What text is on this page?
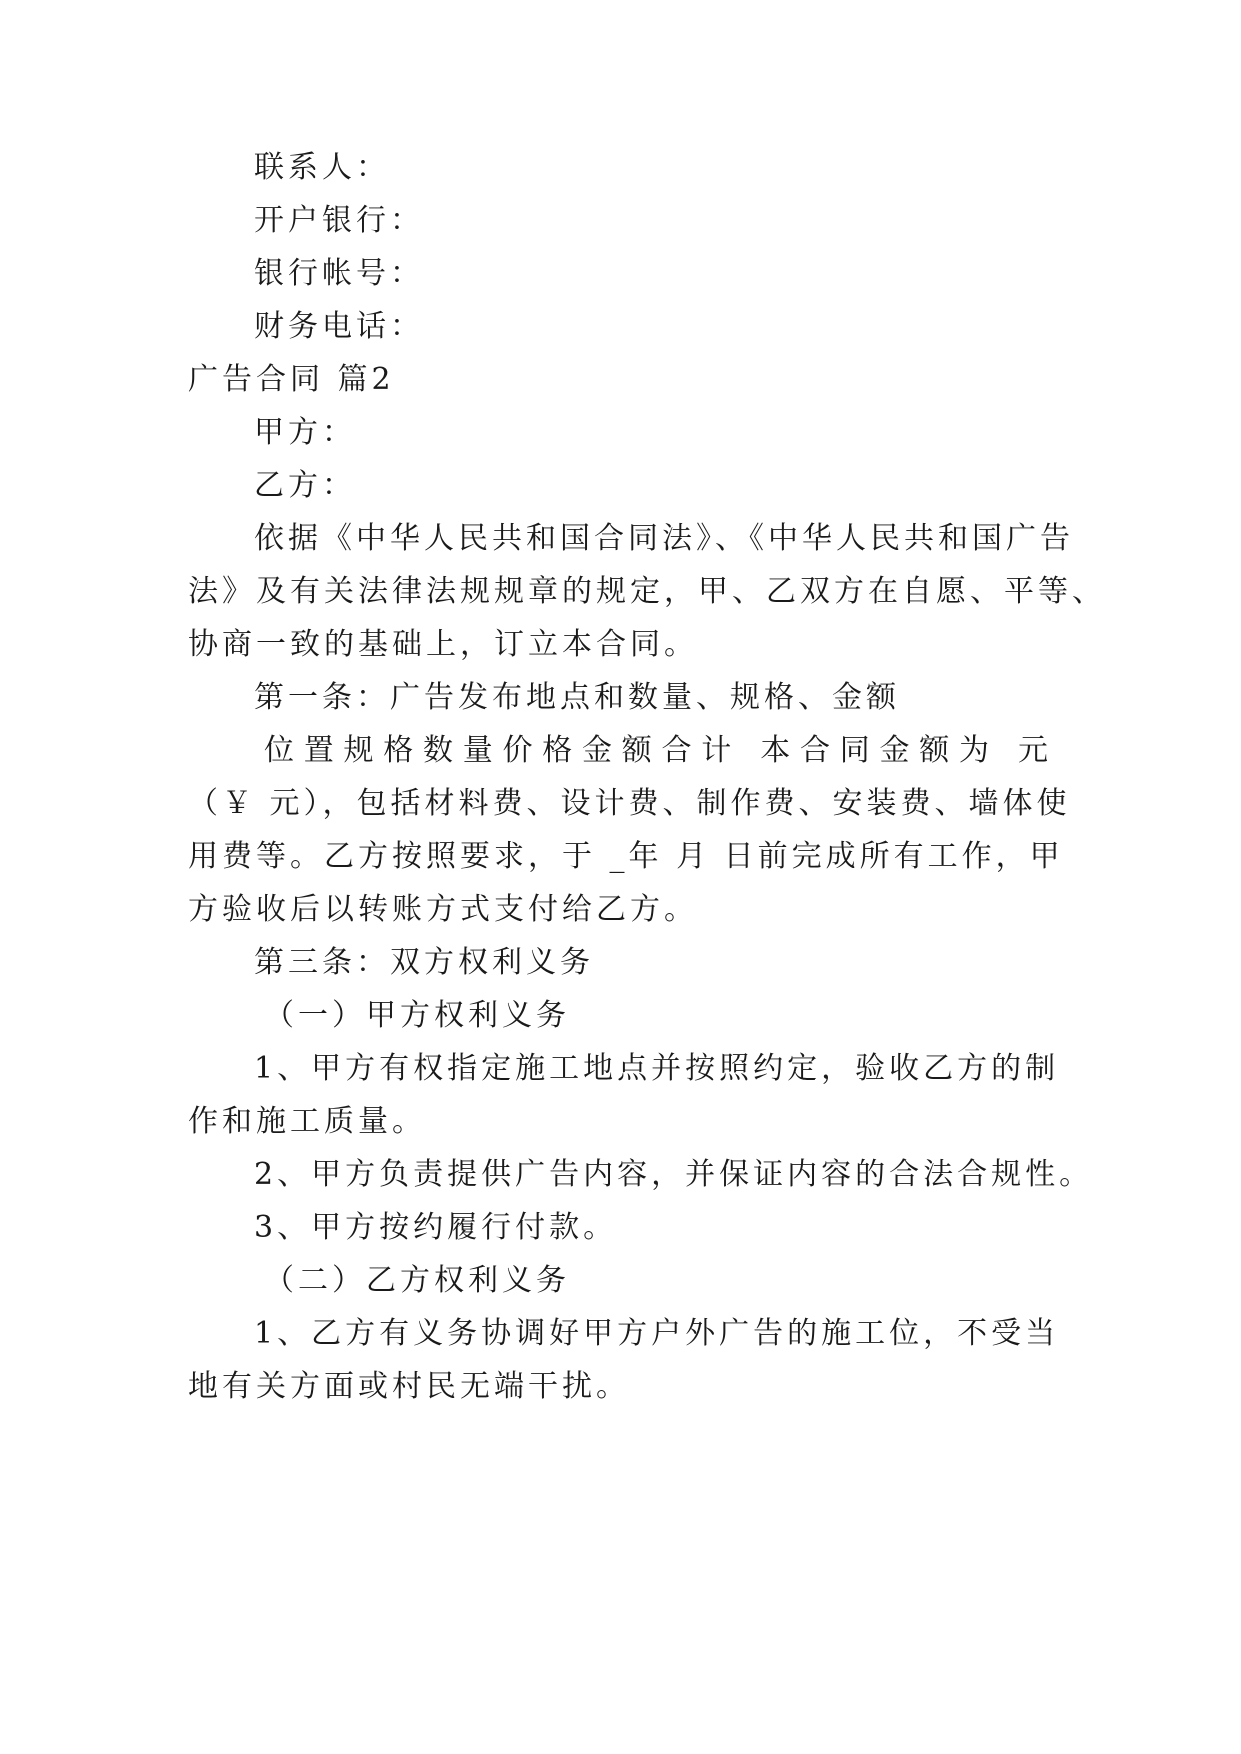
联系人：
开户银行：
银行帐号：
财务电话：
广告合同 篇2
甲方：
乙方：
依据《中华人民共和国合同法》、《中华人民共和国广告
法》及有关法律法规规章的规定，甲、乙双方在自愿、平等、
协商一致的基础上，订立本合同。
第一条：广告发布地点和数量、规格、金额
位置规格数量价格金额合计 本合同金额为 元
（￥ 元），包括材料费、设计费、制作费、安装费、墙体使
用费等。乙方按照要求，于 _年 月 日前完成所有工作，甲
方验收后以转账方式支付给乙方。
第三条：双方权利义务
（一）甲方权利义务
1、甲方有权指定施工地点并按照约定，验收乙方的制
作和施工质量。
2、甲方负责提供广告内容，并保证内容的合法合规性。
3、甲方按约履行付款。
（二）乙方权利义务
1、乙方有义务协调好甲方户外广告的施工位，不受当
地有关方面或村民无端干扰。
